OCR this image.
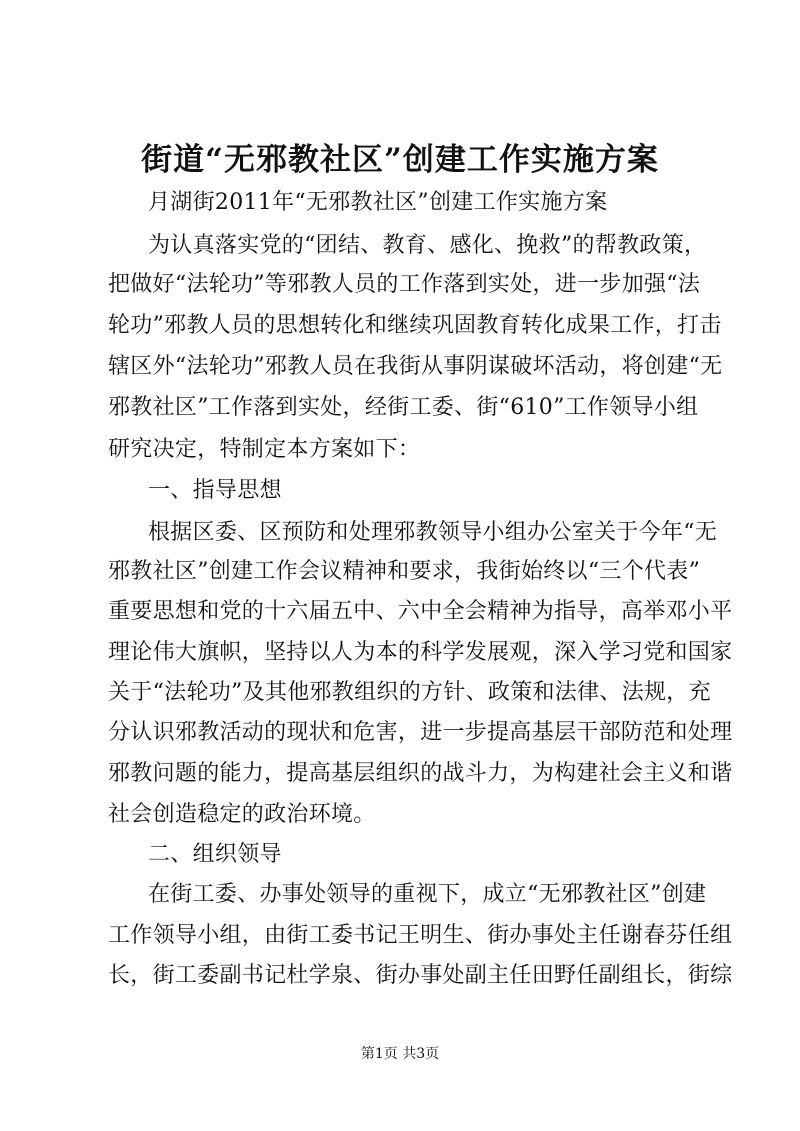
街道“无邪教社区”创建工作实施方案
月湖街2011年“无邪教社区”创建工作实施方案
为认真落实党的“团结、教育、感化、挽救”的帮教政策，
把做好“法轮功”等邪教人员的工作落到实处，进一步加强“法
轮功”邪教人员的思想转化和继续巩固教育转化成果工作，打击
辖区外“法轮功”邪教人员在我街从事阴谋破坏活动，将创建“无
邪教社区”工作落到实处，经街工委、街“610”工作领导小组
研究决定，特制定本方案如下：
一、指导思想
根据区委、区预防和处理邪教领导小组办公室关于今年“无
邪教社区”创建工作会议精神和要求，我街始终以“三个代表”
重要思想和党的十六届五中、六中全会精神为指导，高举邓小平
理论伟大旗帜，坚持以人为本的科学发展观，深入学习党和国家
关于“法轮功”及其他邪教组织的方针、政策和法律、法规，充
分认识邪教活动的现状和危害，进一步提高基层干部防范和处理
邪教问题的能力，提高基层组织的战斗力，为构建社会主义和谐
社会创造稳定的政治环境。
二、组织领导
在街工委、办事处领导的重视下，成立“无邪教社区”创建
工作领导小组，由街工委书记王明生、街办事处主任谢春芬任组
长，街工委副书记杜学泉、街办事处副主任田野任副组长，街综
第1页 共3页
